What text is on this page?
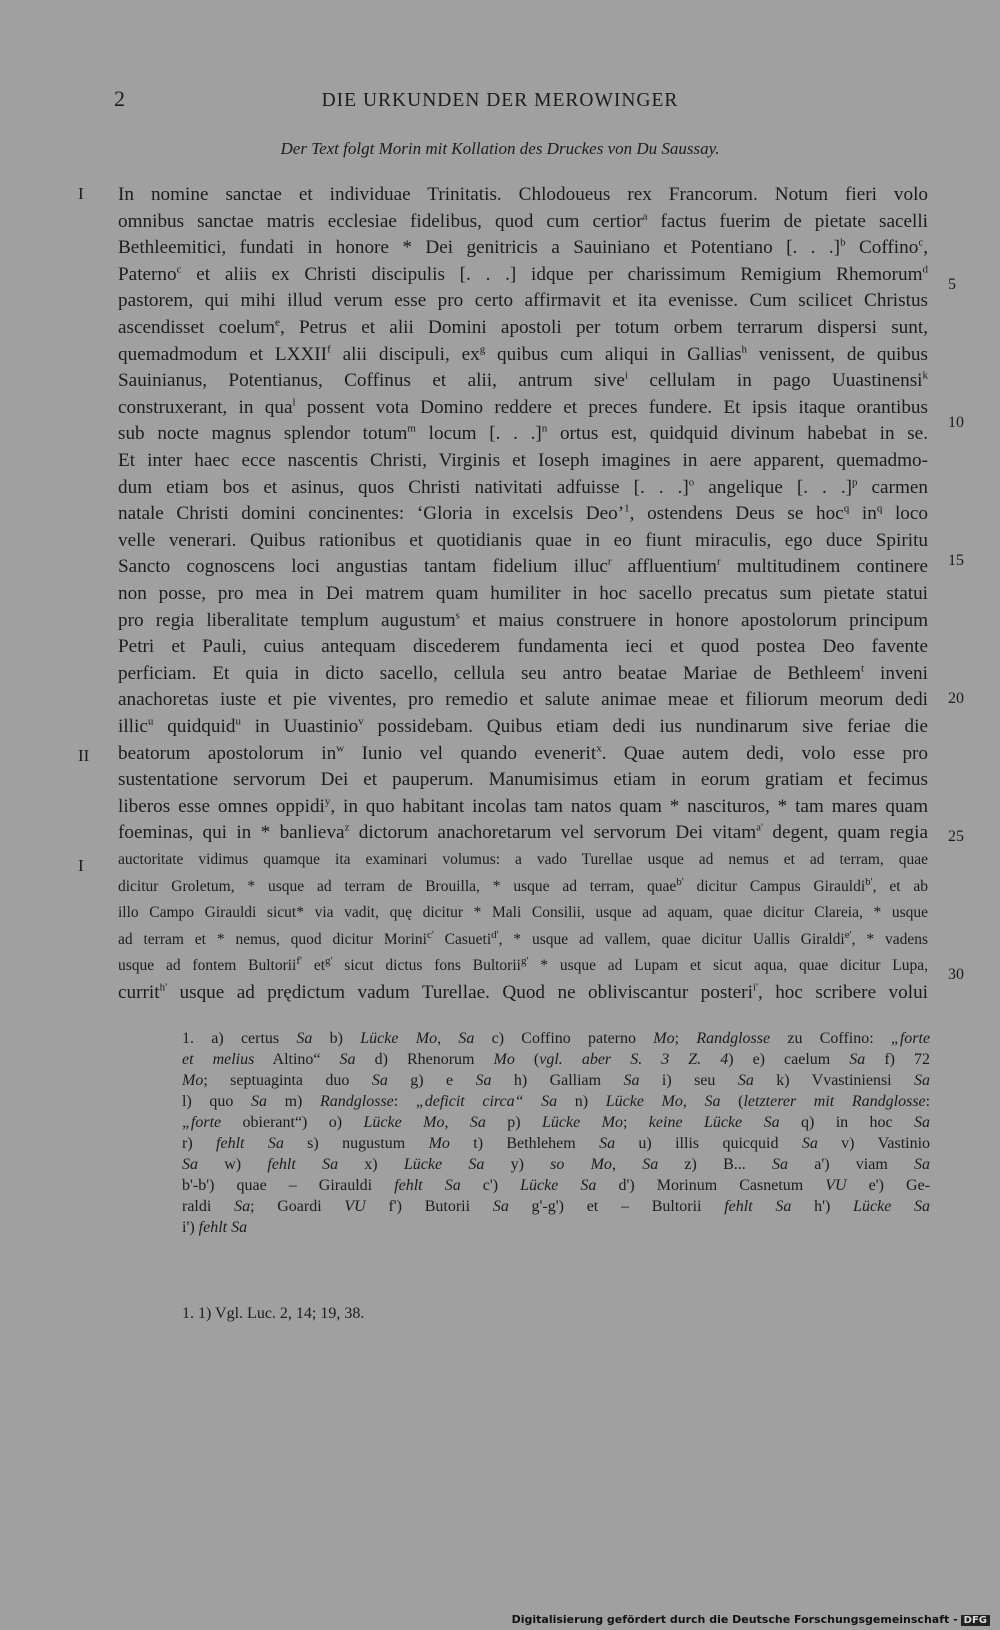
2	DIE URKUNDEN DER MEROWINGER
Der Text folgt Morin mit Kollation des Druckes von Du Saussay.
I
II
I
5
10
15
20
25
30
In nomine sanctae et individuae Trinitatis. Chlodoueus rex Francorum. Notum fieri volo
omnibus sanctae matris ecclesiae fidelibus, quod cum certior$^a$ factus fuerim de pietate sacelli
Bethleemitici, fundati in honore * Dei genitricis a Sauiniano et Potentiano [. . .]$^b$ Coffino$^c$,
Paterno$^c$ et aliis ex Christi discipulis [. . .] idque per charissimum Remigium Rhemorum$^d$
pastorem, qui mihi illud verum esse pro certo affirmavit et ita evenisse. Cum scilicet Christus
ascendisset coelum$^e$, Petrus et alii Domini apostoli per totum orbem terrarum dispersi sunt,
quemadmodum et LXXII$^f$ alii discipuli, $ex^g$ quibus cum aliqui in Gallias$^h$ venissent, de quibus
Sauinianus, Potentianus, Coffinus et alii, antrum sive$^i$ cellulam in pago Uuastinensi$^k$
construxerant, in qua$^l$ possent vota Domino reddere et preces fundere. Et ipsis itaque orantibus
sub nocte magnus splendor totum$^m$ locum [. . .]$^n$ ortus est, quidquid divinum habebat in se.
Et inter haec ecce nascentis Christi, Virginis et Ioseph imagines in aere apparent, quemadmo-
dum etiam bos et asinus, quos Christi nativitati adfuisse [. . .]$^o$ angelique [. . .]$^p$ carmen
natale Christi domini concinentes: ‘Gloria in excelsis Deo’$^1$, ostendens Deus se hoc$^q$ $in^q$ loco
velle venerari. Quibus rationibus et quotidianis quae in eo fiunt miraculis, ego duce Spiritu
Sancto cognoscens loci angustias tantam fidelium illuc$^r$ affluentium$^r$ multitudinem continere
non posse, pro mea in Dei matrem quam humiliter in hoc sacello precatus sum pietate statui
pro regia liberalitate templum augustum$^s$ et maius construere in honore apostolorum principum
Petri et Pauli, cuius antequam discederem fundamenta ieci et quod postea Deo favente
perficiam. Et quia in dicto sacello, cellula seu antro beatae Mariae de Bethleem$^t$ inveni
anachoretas iuste et pie viventes, pro remedio et salute animae meae et filiorum meorum dedi
illic$^u$ quidquid$^u$ in Uuastinio$^v$ possidebam. Quibus etiam dedi ius nundinarum sive feriae die
beatorum apostolorum $in^w$ Iunio vel quando evenerit$^x$. Quae autem dedi, volo esse pro
sustentatione servorum Dei et pauperum. Manumisimus etiam in eorum gratiam et fecimus
liberos esse omnes oppidi$^y$, in quo habitant incolas tam natos quam * nascituros, * tam mares quam
foeminas, qui in * banlieva$^z$ dictorum anachoretarum vel servorum Dei vitam$^{a'}$ degent, quam regia
auctoritate vidimus quamque ita examinari volumus: a vado Turellae usque ad nemus et ad terram, quae
dicitur Groletum, * usque ad terram de Brouilla, * usque ad terram, quae$^{b'}$ dicitur Campus Girauldi$^{b'}$, et ab
illo Campo Girauldi sicut* via vadit, quę dicitur * Mali Consilii, usque ad aquam, quae dicitur Clareia, * usque
ad terram et * nemus, quod dicitur Morini$^{c'}$ Casueti$^{d'}$, * usque ad vallem, quae dicitur Uallis Giraldi$^{e'}$, * vadens
usque ad fontem Bultorii$^{f'}$ $et^{g'}$ sicut dictus fons Bultorii$^{g'}$ * usque ad Lupam et sicut aqua, quae dicitur Lupa,
currit$^{h'}$ usque ad prędictum vadum Turellae. Quod ne obliviscantur posteri$^{i'}$, hoc scribere volui
1. a) certus Sa b) Lücke Mo, Sa c) Coffino paterno Mo; Randglosse zu Coffino: „forte
et melius Altino“ Sa d) Rhenorum Mo (vgl. aber S. 3 Z. 4) e) caelum Sa f) 72
Mo; septuaginta duo Sa g) e Sa h) Galliam Sa i) seu Sa k) Vvastiniensi Sa
l) quo Sa m) Randglosse: „deficit circa“ Sa n) Lücke Mo, Sa (letzterer mit Randglosse:
„forte obierant“) o) Lücke Mo, Sa p) Lücke Mo; keine Lücke Sa q) in hoc Sa
r) fehlt Sa s) nugustum Mo t) Bethlehem Sa u) illis quicquid Sa v) Vastinio
Sa w) fehlt Sa x) Lücke Sa y) so Mo, Sa z) B... Sa a') viam Sa
b'-b') quae – Girauldi fehlt Sa c') Lücke Sa d') Morinum Casnetum VU e') Ge-
raldi Sa; Goardi VU f') Butorii Sa g'-g') et – Bultorii fehlt Sa h') Lücke Sa
i') fehlt Sa
1. 1) Vgl. Luc. 2, 14; 19, 38.
Digitalisierung gefördert durch die Deutsche Forschungsgemeinschaft - DFG
